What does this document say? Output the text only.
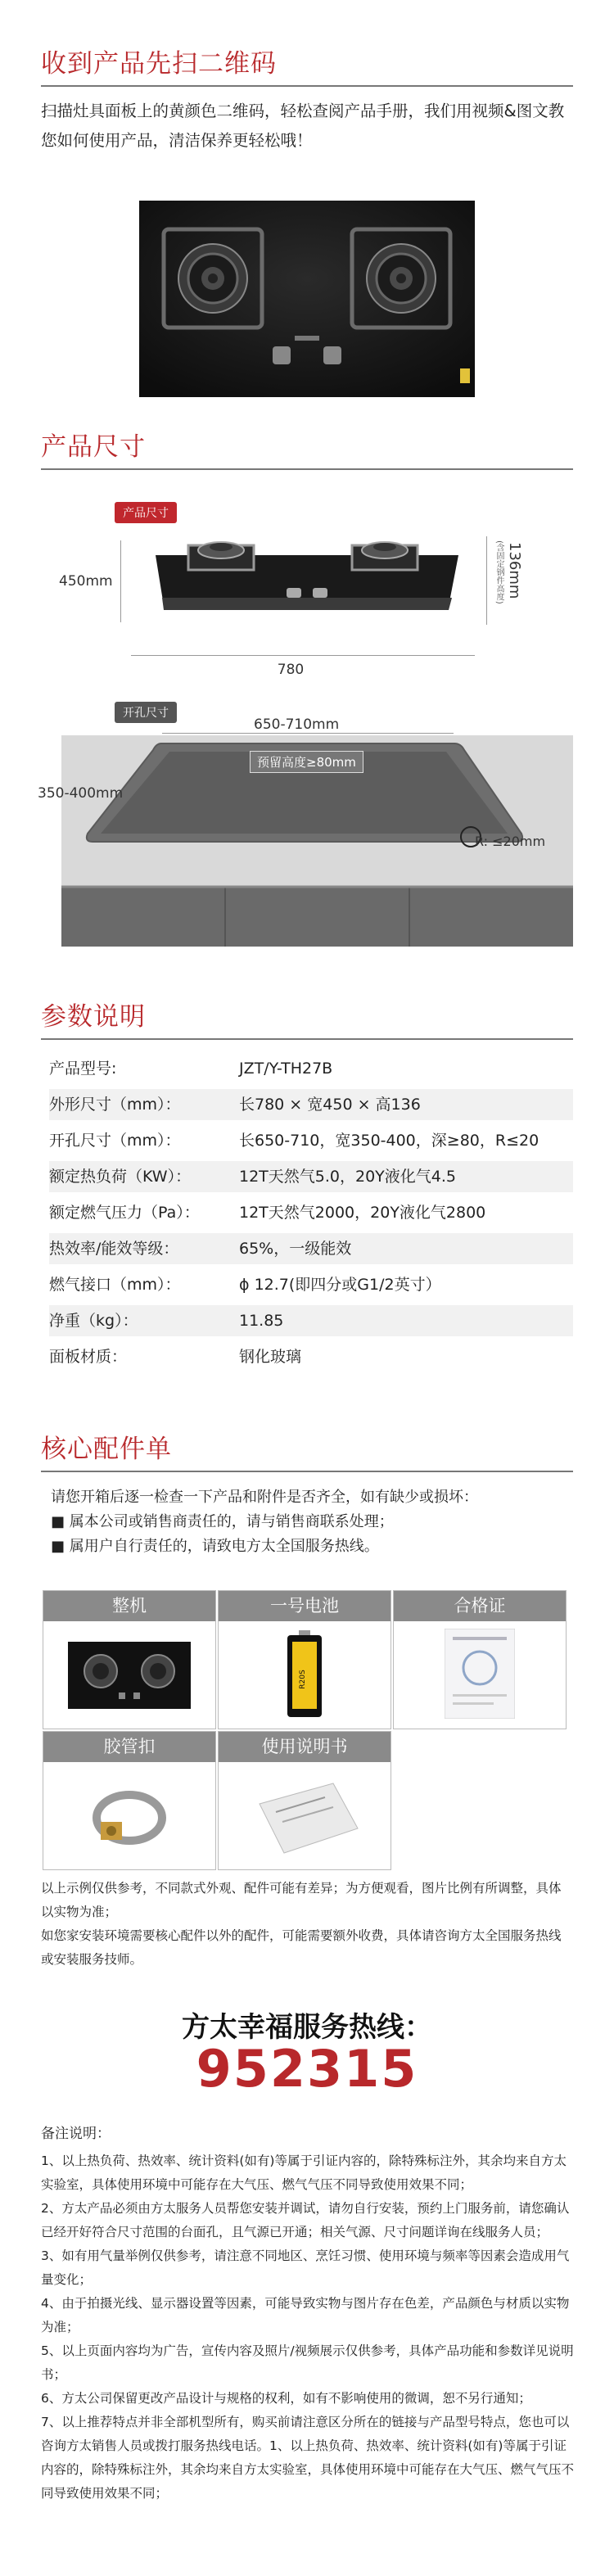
收到产品先扫二维码
扫描灶具面板上的黄颜色二维码，轻松查阅产品手册，我们用视频&图文教您如何使用产品，清洁保养更轻松哦！
产品尺寸
产品尺寸
450mm
780
136mm
(含固定钢件高度)
开孔尺寸
650-710mm
预留高度≥80mm
350-400mm
R: ≤20mm
参数说明
产品型号:	JZT/Y-TH27B
外形尺寸（mm）：	长780 × 宽450 × 高136
开孔尺寸（mm）：	长650-710，宽350-400，深≥80，R≤20
额定热负荷（KW）：	12T天然气5.0，20Y液化气4.5
额定燃气压力（Pa）：	12T天然气2000，20Y液化气2800
热效率/能效等级：	65%，一级能效
燃气接口（mm）：	ϕ 12.7(即四分或G1/2英寸）
净重（kg）：	11.85
面板材质：	钢化玻璃
核心配件单
请您开箱后逐一检查一下产品和附件是否齐全，如有缺少或损坏：
■ 属本公司或销售商责任的，请与销售商联系处理；
■ 属用户自行责任的，请致电方太全国服务热线。
整机	一号电池
R20S
合格证
胶管扣	使用说明书
以上示例仅供参考，不同款式外观、配件可能有差异；为方便观看，图片比例有所调整，具体以实物为准；
如您家安装环境需要核心配件以外的配件，可能需要额外收费，具体请咨询方太全国服务热线或安装服务技师。
方太幸福服务热线：
952315

备注说明：

1、以上热负荷、热效率、统计资料(如有)等属于引证内容的，除特殊标注外，其余均来自方太实验室，具体使用环境中可能存在大气压、燃气气压不同导致使用效果不同；

2、方太产品必须由方太服务人员帮您安装并调试，请勿自行安装，预约上门服务前，请您确认已经开好符合尺寸范围的台面孔，且气源已开通；相关气源、尺寸问题详询在线服务人员；

3、如有用气量举例仅供参考，请注意不同地区、烹饪习惯、使用环境与频率等因素会造成用气量变化；

4、由于拍摄光线、显示器设置等因素，可能导致实物与图片存在色差，产品颜色与材质以实物为准；

5、以上页面内容均为广告，宣传内容及照片/视频展示仅供参考，具体产品功能和参数详见说明书；

6、方太公司保留更改产品设计与规格的权利，如有不影响使用的微调，恕不另行通知；

7、以上推荐特点并非全部机型所有，购买前请注意区分所在的链接与产品型号特点，您也可以咨询方太销售人员或拨打服务热线电话。1、以上热负荷、热效率、统计资料(如有)等属于引证内容的，除特殊标注外，其余均来自方太实验室，具体使用环境中可能存在大气压、燃气气压不同导致使用效果不同；
